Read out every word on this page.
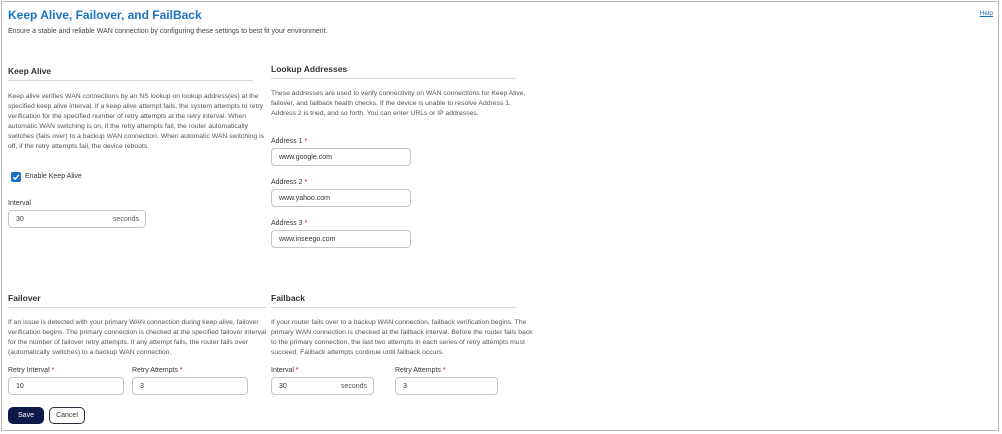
Keep Alive, Failover, and FailBack	Help
Ensure a stable and reliable WAN connection by configuring these settings to best fit your environment.
Keep Alive
Keep alive verifies WAN connections by an NS lookup on lookup address(es) at the specified keep alive interval. If a keep alive attempt fails, the system attempts to retry verification for the specified number of retry attempts at the retry interval. When automatic WAN switching is on, if the retry attempts fail, the router automatically switches (fails over) to a backup WAN connection. When automatic WAN switching is off, if the retry attempts fail, the device reboots.
Enable Keep Alive
Interval
30	seconds
Lookup Addresses
These addresses are used to verify connectivity on WAN connections for Keep Alive, failover, and failback health checks. If the device is unable to resolve Address 1, Address 2 is tried, and so forth. You can enter URLs or IP addresses.
Address 1 *
www.google.com
Address 2 *
www.yahoo.com
Address 3 *
www.inseego.com
Failover
If an issue is detected with your primary WAN connection during keep alive, failover verification begins. The primary connection is checked at the specified failover interval for the number of failover retry attempts. If any attempt fails, the router fails over (automatically switches) to a backup WAN connection.
Retry Interval *
10
Retry Attempts *
3
Failback
If your router fails over to a backup WAN connection, failback verification begins. The primary WAN connection is checked at the failback interval. Before the router fails back to the primary connection, the last two attempts in each series of retry attempts must succeed. Failback attempts continue until failback occurs.
Interval *
30	seconds
Retry Attempts *
3
Save	Cancel
